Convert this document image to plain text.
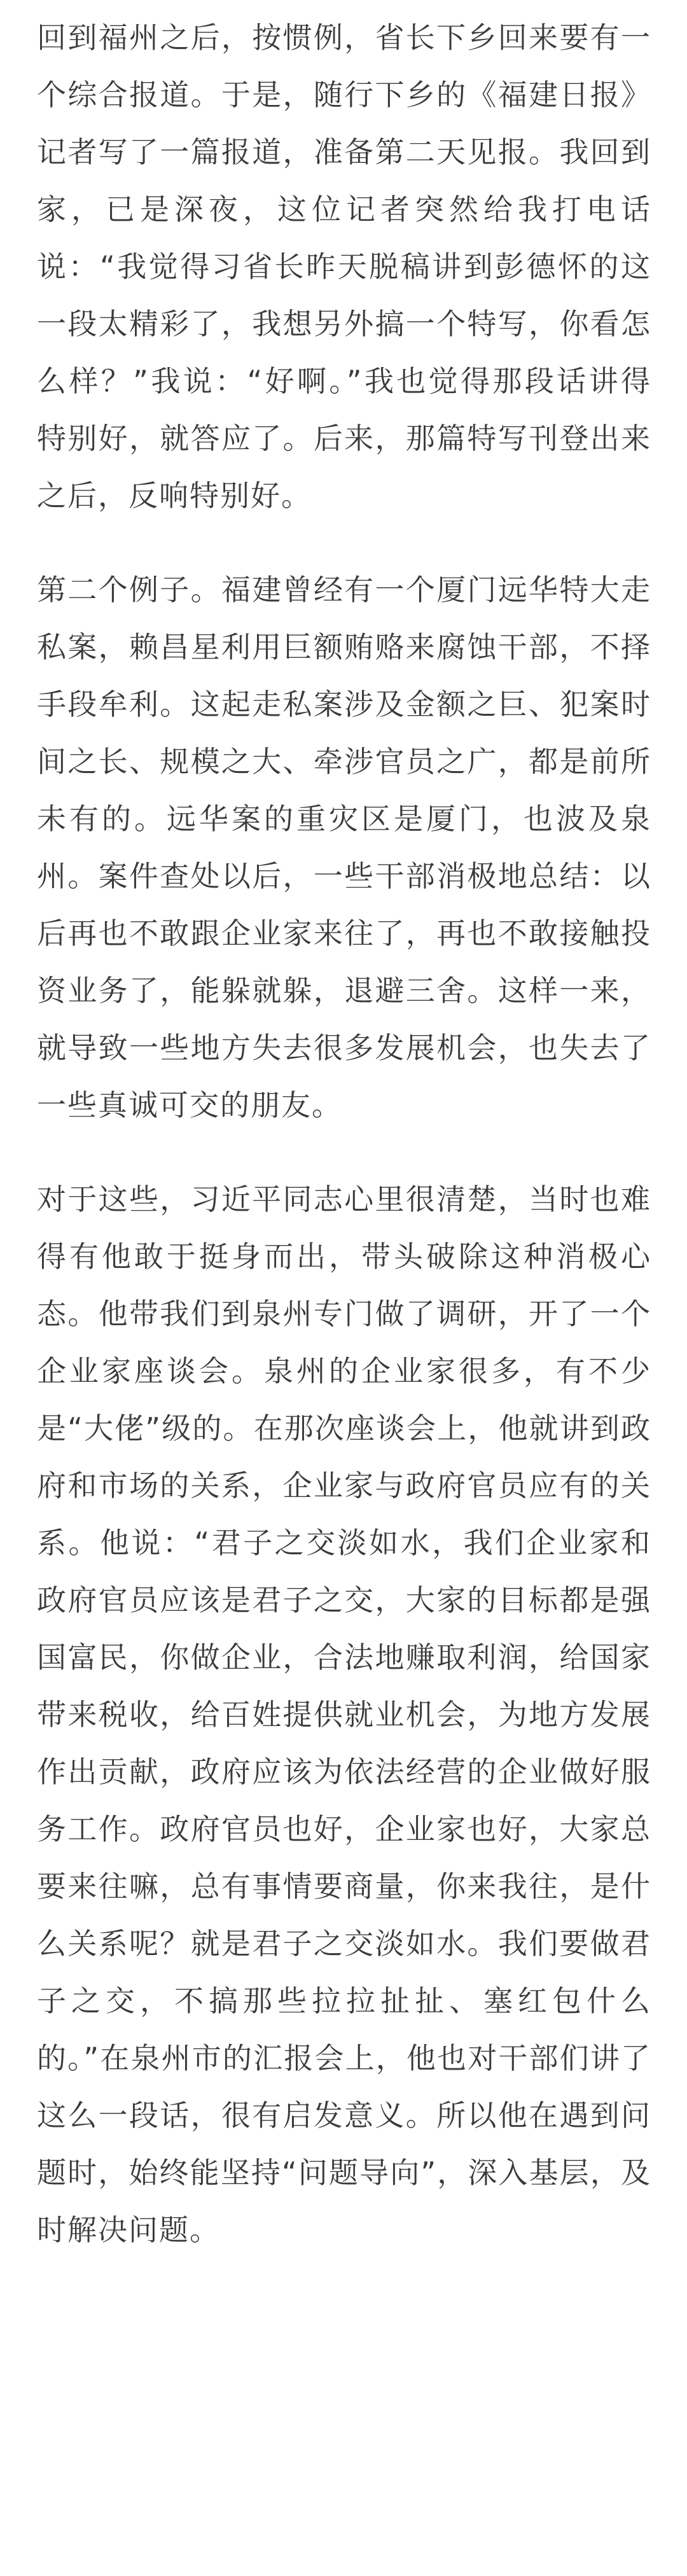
回到福州之后，按惯例，省长下乡回来要有一个综合报道。于是，随行下乡的《福建日报》记者写了一篇报道，准备第二天见报。我回到家，已是深夜，这位记者突然给我打电话说：“我觉得习省长昨天脱稿讲到彭德怀的这一段太精彩了，我想另外搞一个特写，你看怎么样？”我说：“好啊。”我也觉得那段话讲得特别好，就答应了。后来，那篇特写刊登出来之后，反响特别好。

第二个例子。福建曾经有一个厦门远华特大走私案，赖昌星利用巨额贿赂来腐蚀干部，不择手段牟利。这起走私案涉及金额之巨、犯案时间之长、规模之大、牵涉官员之广，都是前所未有的。远华案的重灾区是厦门，也波及泉州。案件查处以后，一些干部消极地总结：以后再也不敢跟企业家来往了，再也不敢接触投资业务了，能躲就躲，退避三舍。这样一来，就导致一些地方失去很多发展机会，也失去了一些真诚可交的朋友。

对于这些，习近平同志心里很清楚，当时也难得有他敢于挺身而出，带头破除这种消极心态。他带我们到泉州专门做了调研，开了一个企业家座谈会。泉州的企业家很多，有不少是“大佬”级的。在那次座谈会上，他就讲到政府和市场的关系，企业家与政府官员应有的关系。他说：“君子之交淡如水，我们企业家和政府官员应该是君子之交，大家的目标都是强国富民，你做企业，合法地赚取利润，给国家带来税收，给百姓提供就业机会，为地方发展作出贡献，政府应该为依法经营的企业做好服务工作。政府官员也好，企业家也好，大家总要来往嘛，总有事情要商量，你来我往，是什么关系呢？就是君子之交淡如水。我们要做君子之交，不搞那些拉拉扯扯、塞红包什么的。”在泉州市的汇报会上，他也对干部们讲了这么一段话，很有启发意义。所以他在遇到问题时，始终能坚持“问题导向”，深入基层，及时解决问题。
